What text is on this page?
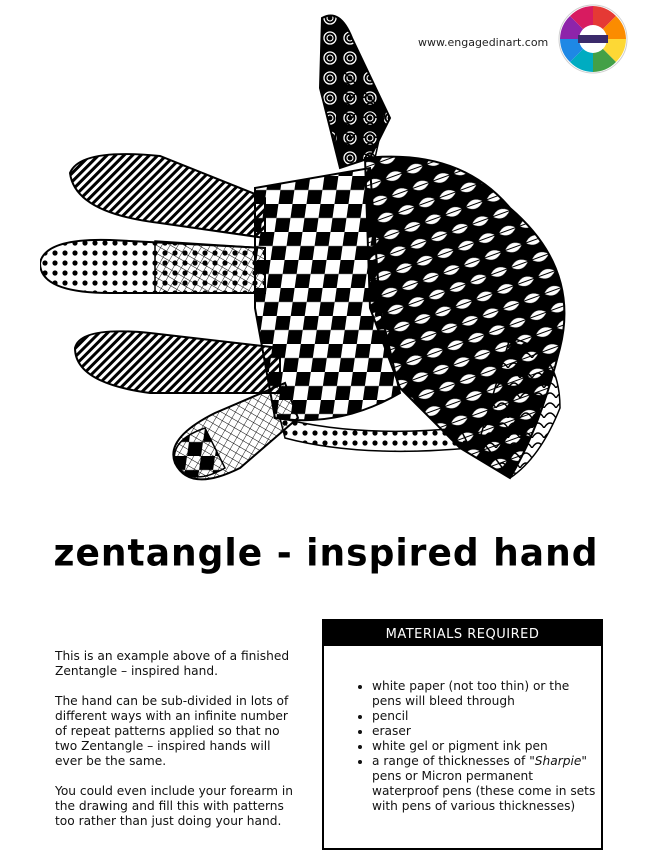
www.engagedinart.com
zentangle - inspired hand

This is an example above of a finished Zentangle – inspired hand.

The hand can be sub-divided in lots of different ways with an infinite number of repeat patterns applied so that no two Zentangle – inspired hands will ever be the same.

You could even include your forearm in the drawing and fill this with patterns too rather than just doing your hand.

MATERIALS REQUIRED
• white paper (not too thin) or the pens will bleed through
• pencil
• eraser
• white gel or pigment ink pen
• a range of thicknesses of "Sharpie" pens or Micron permanent waterproof pens (these come in sets with pens of various thicknesses)
